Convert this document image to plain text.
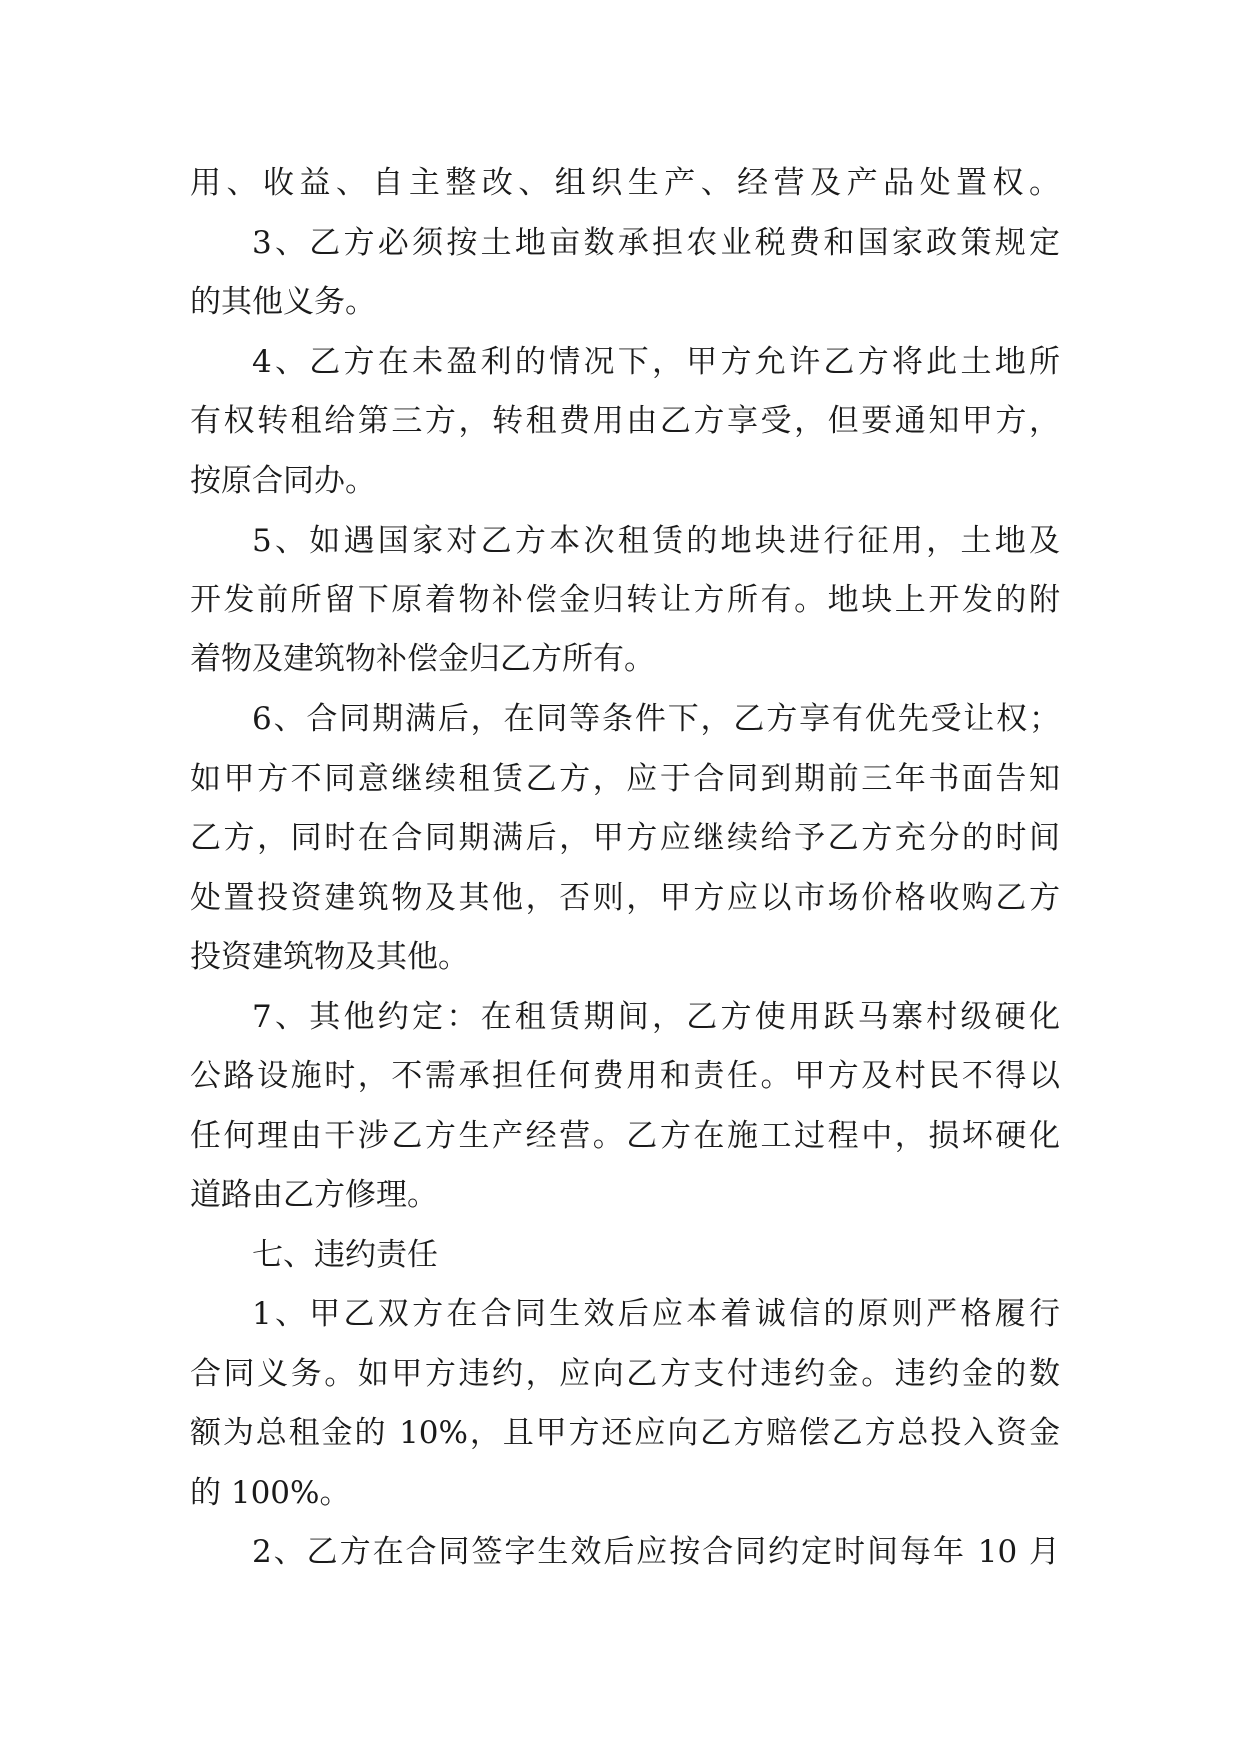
用、收益、自主整改、组织生产、经营及产品处置权。
3、乙方必须按土地亩数承担农业税费和国家政策规定
的其他义务。
4、乙方在未盈利的情况下，甲方允许乙方将此土地所
有权转租给第三方，转租费用由乙方享受，但要通知甲方，
按原合同办。
5、如遇国家对乙方本次租赁的地块进行征用，土地及
开发前所留下原着物补偿金归转让方所有。地块上开发的附
着物及建筑物补偿金归乙方所有。
6、合同期满后，在同等条件下，乙方享有优先受让权；
如甲方不同意继续租赁乙方，应于合同到期前三年书面告知
乙方，同时在合同期满后，甲方应继续给予乙方充分的时间
处置投资建筑物及其他，否则，甲方应以市场价格收购乙方
投资建筑物及其他。
7、其他约定：在租赁期间，乙方使用跃马寨村级硬化
公路设施时，不需承担任何费用和责任。甲方及村民不得以
任何理由干涉乙方生产经营。乙方在施工过程中，损坏硬化
道路由乙方修理。
七、违约责任
1、甲乙双方在合同生效后应本着诚信的原则严格履行
合同义务。如甲方违约，应向乙方支付违约金。违约金的数
额为总租金的 10%，且甲方还应向乙方赔偿乙方总投入资金
的 100%。
2、乙方在合同签字生效后应按合同约定时间每年 10 月
